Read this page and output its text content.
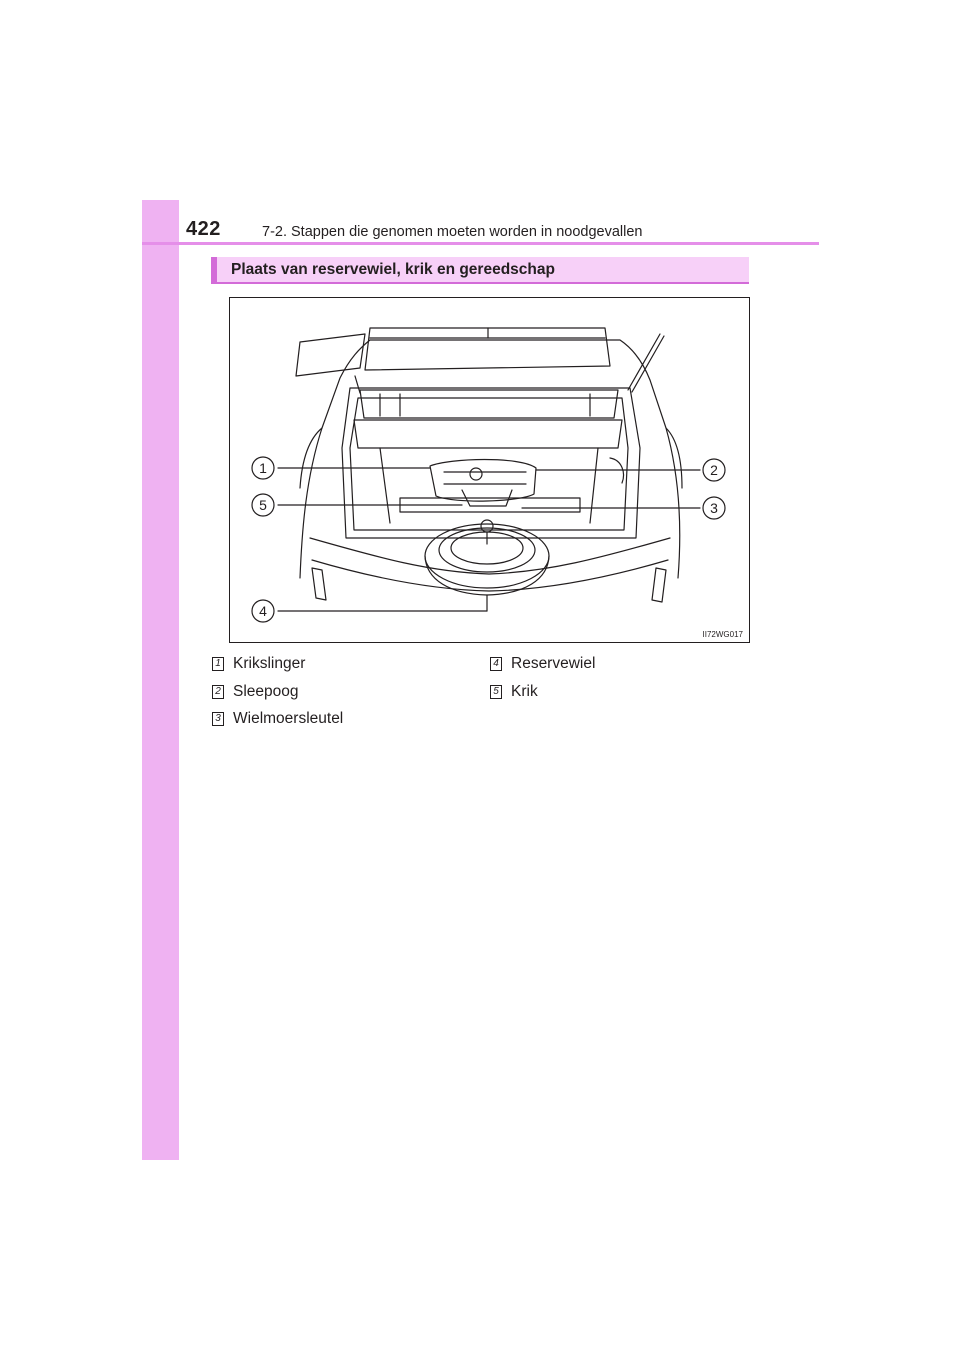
422	7-2. Stappen die genomen moeten worden in noodgevallen
Plaats van reservewiel, krik en gereedschap
1	2
3
4
5
II72WG017
1 Krikslinger
2 Sleepoog
3 Wielmoersleutel
4 Reservewiel
5 Krik
